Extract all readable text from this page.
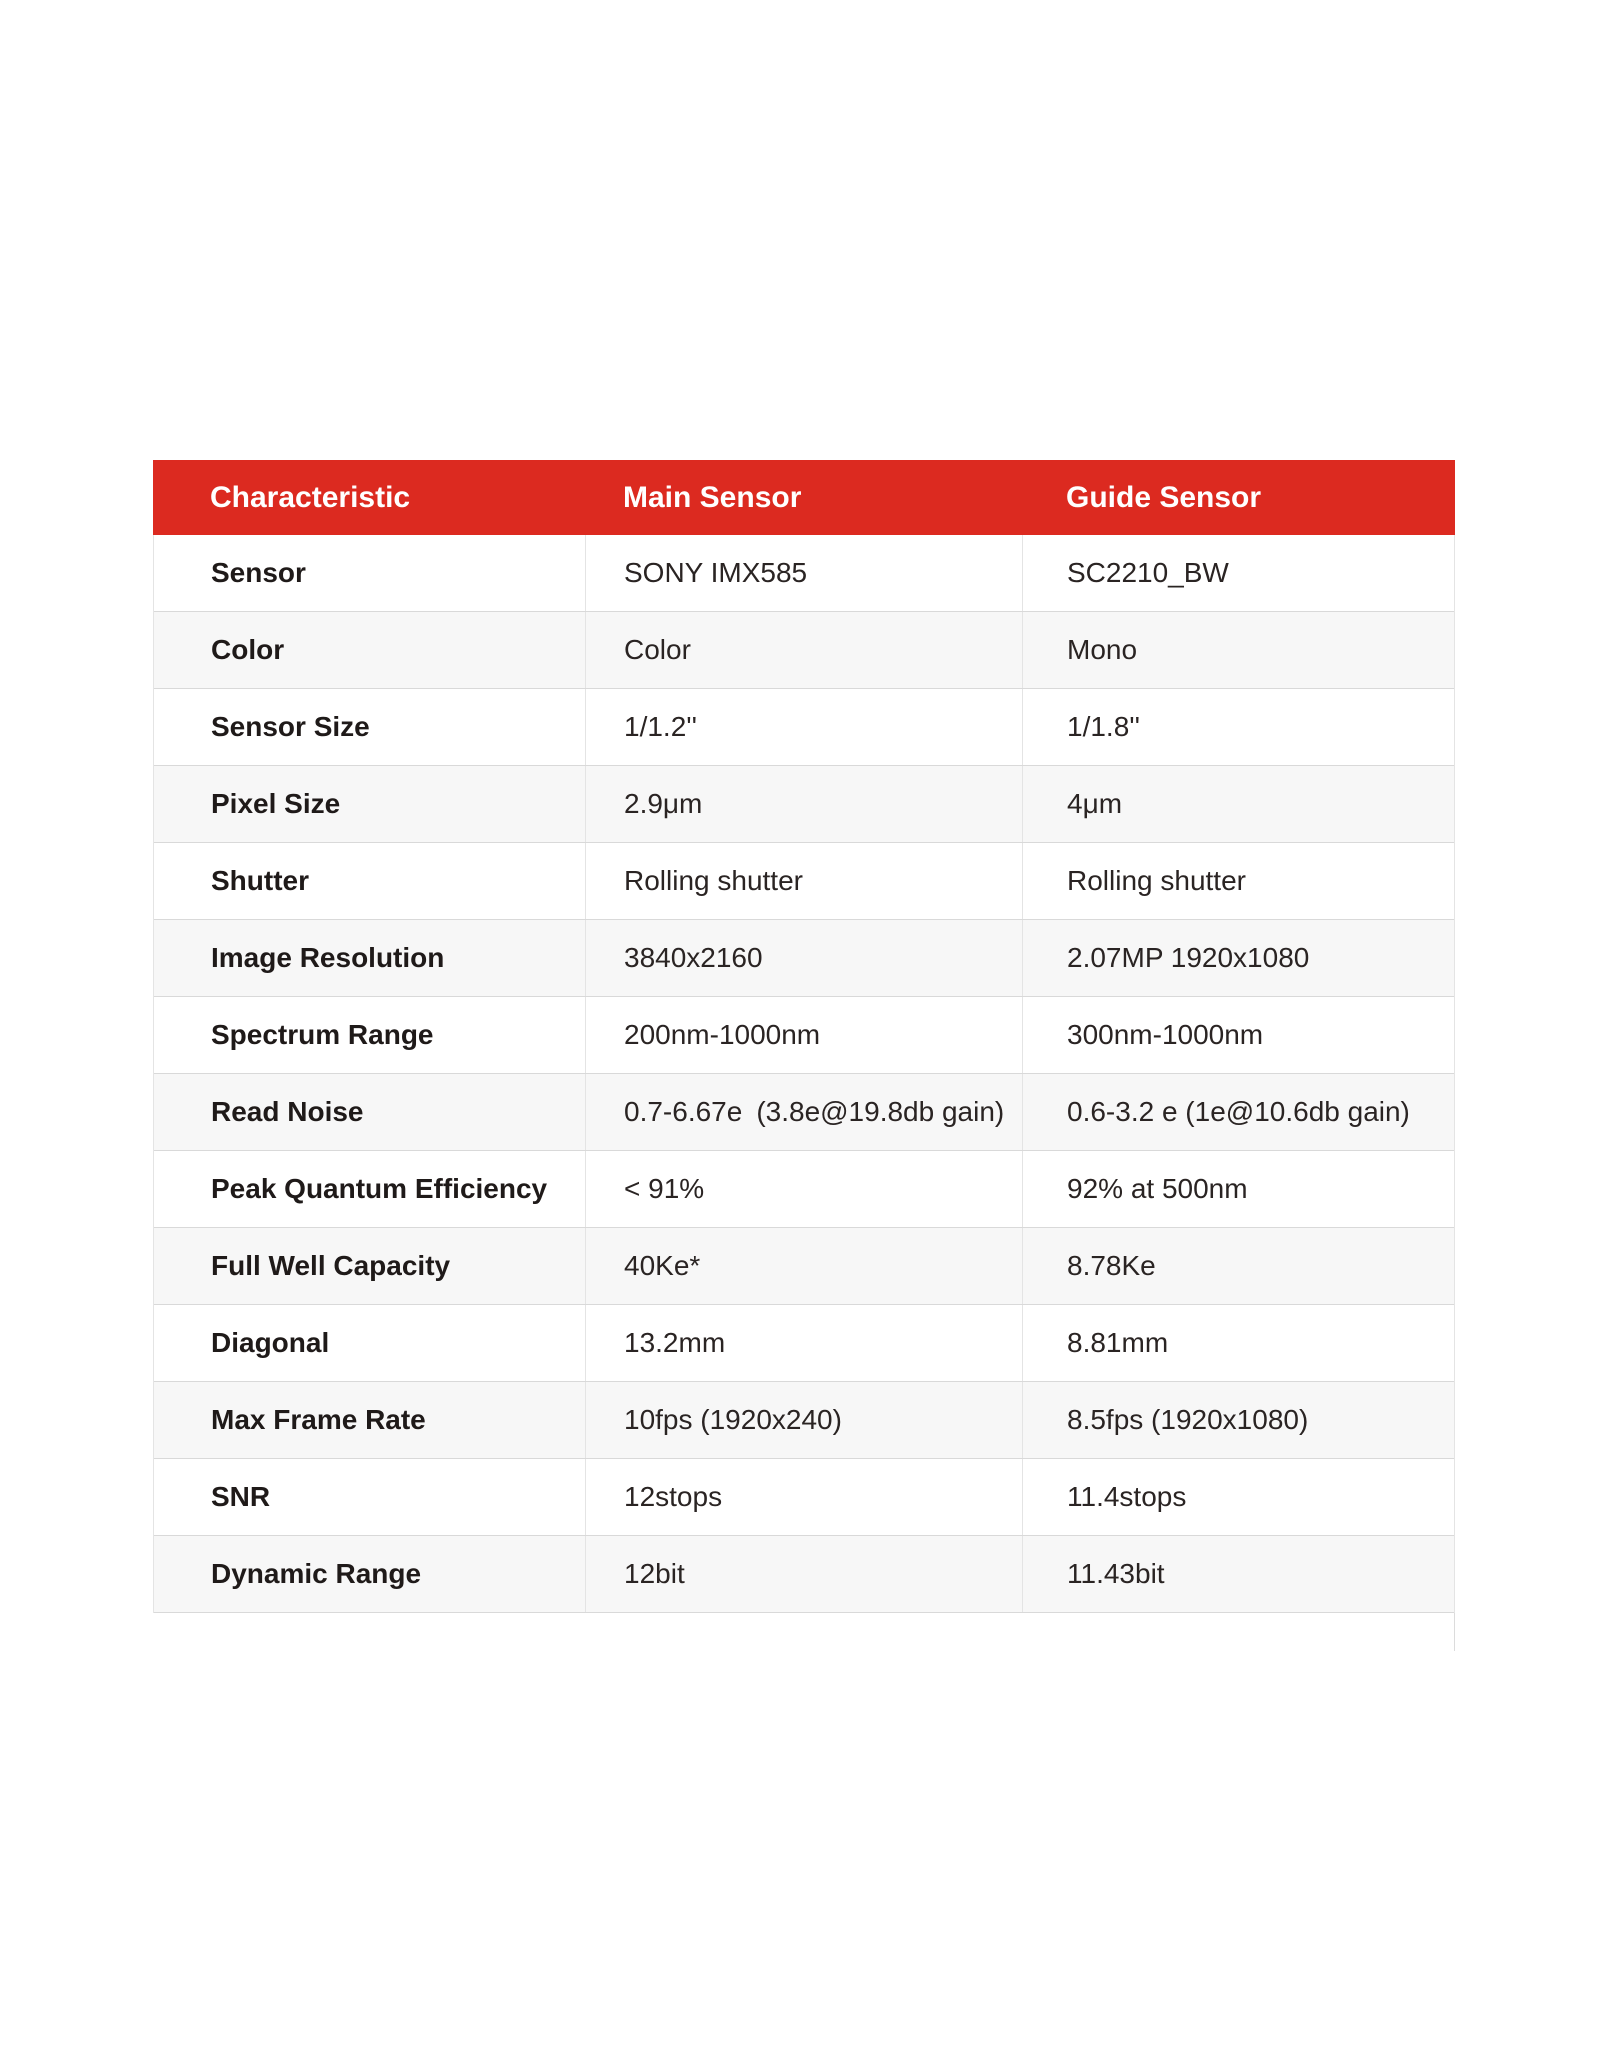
Characteristic	Main Sensor	Guide Sensor
Sensor	SONY IMX585	SC2210_BW
Color	Color	Mono
Sensor Size	1/1.2''	1/1.8''
Pixel Size	2.9μm	4μm
Shutter	Rolling shutter	Rolling shutter
Image Resolution	3840x2160	2.07MP 1920x1080
Spectrum Range	200nm-1000nm	300nm-1000nm
Read Noise	0.7-6.67e (3.8e@19.8db gain)	0.6-3.2 e (1e@10.6db gain)
Peak Quantum Efficiency	< 91%	92% at 500nm
Full Well Capacity	40Ke*	8.78Ke
Diagonal	13.2mm	8.81mm
Max Frame Rate	10fps (1920x240)	8.5fps (1920x1080)
SNR	12stops	11.4stops
Dynamic Range	12bit	11.43bit
